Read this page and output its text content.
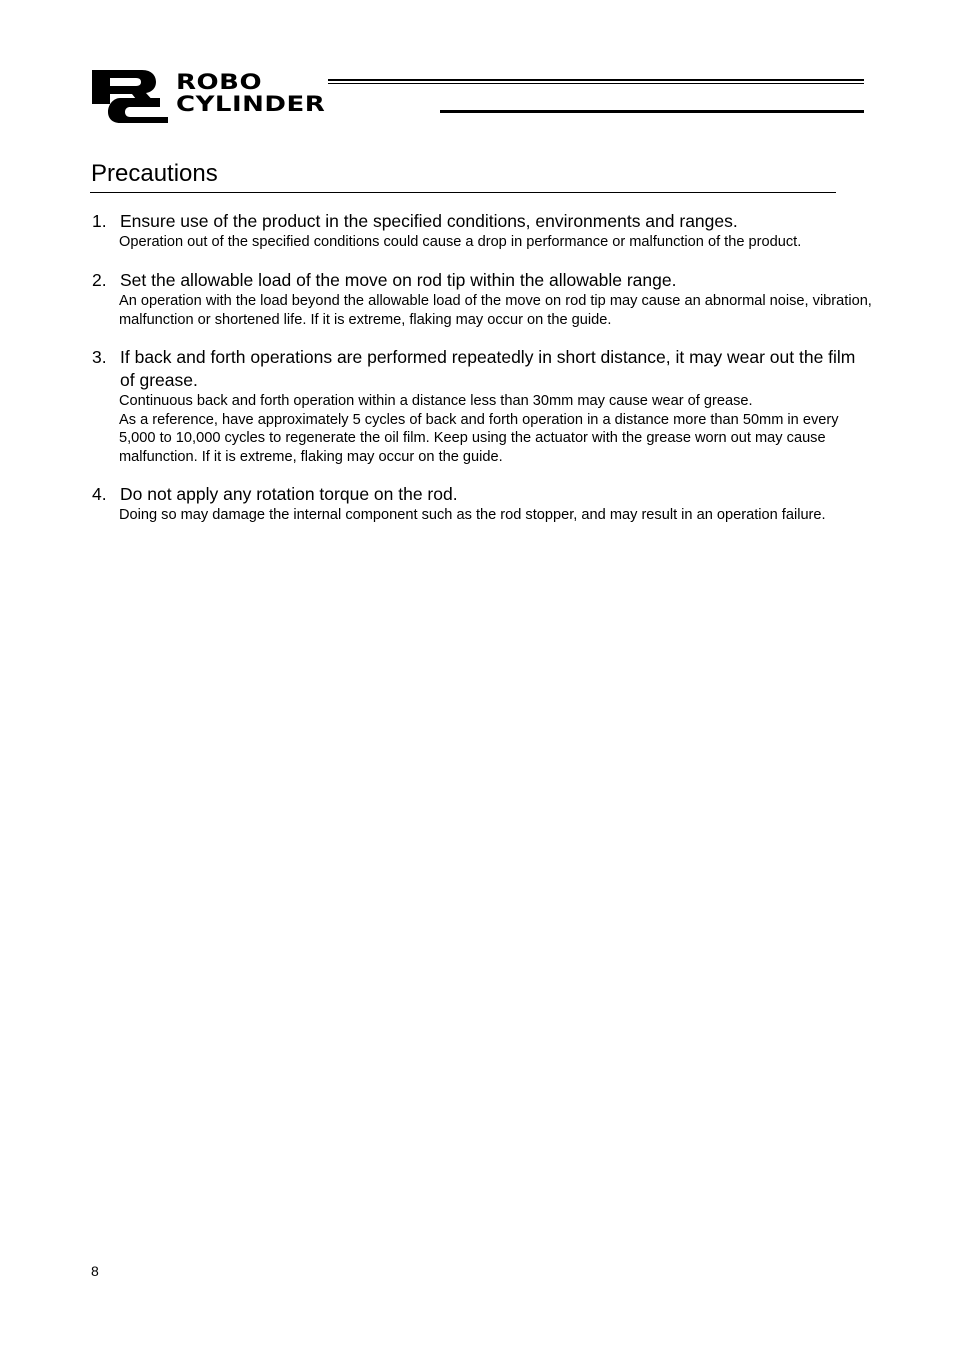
ROBO
CYLINDER
Precautions
1. Ensure use of the product in the specified conditions, environments and ranges.
Operation out of the specified conditions could cause a drop in performance or malfunction of the product.
2. Set the allowable load of the move on rod tip within the allowable range.
An operation with the load beyond the allowable load of the move on rod tip may cause an abnormal noise, vibration, malfunction or shortened life. If it is extreme, flaking may occur on the guide.
3. If back and forth operations are performed repeatedly in short distance, it may wear out the film of grease.
Continuous back and forth operation within a distance less than 30mm may cause wear of grease.
As a reference, have approximately 5 cycles of back and forth operation in a distance more than 50mm in every 5,000 to 10,000 cycles to regenerate the oil film. Keep using the actuator with the grease worn out may cause malfunction. If it is extreme, flaking may occur on the guide.
4. Do not apply any rotation torque on the rod.
Doing so may damage the internal component such as the rod stopper, and may result in an operation failure.
8
